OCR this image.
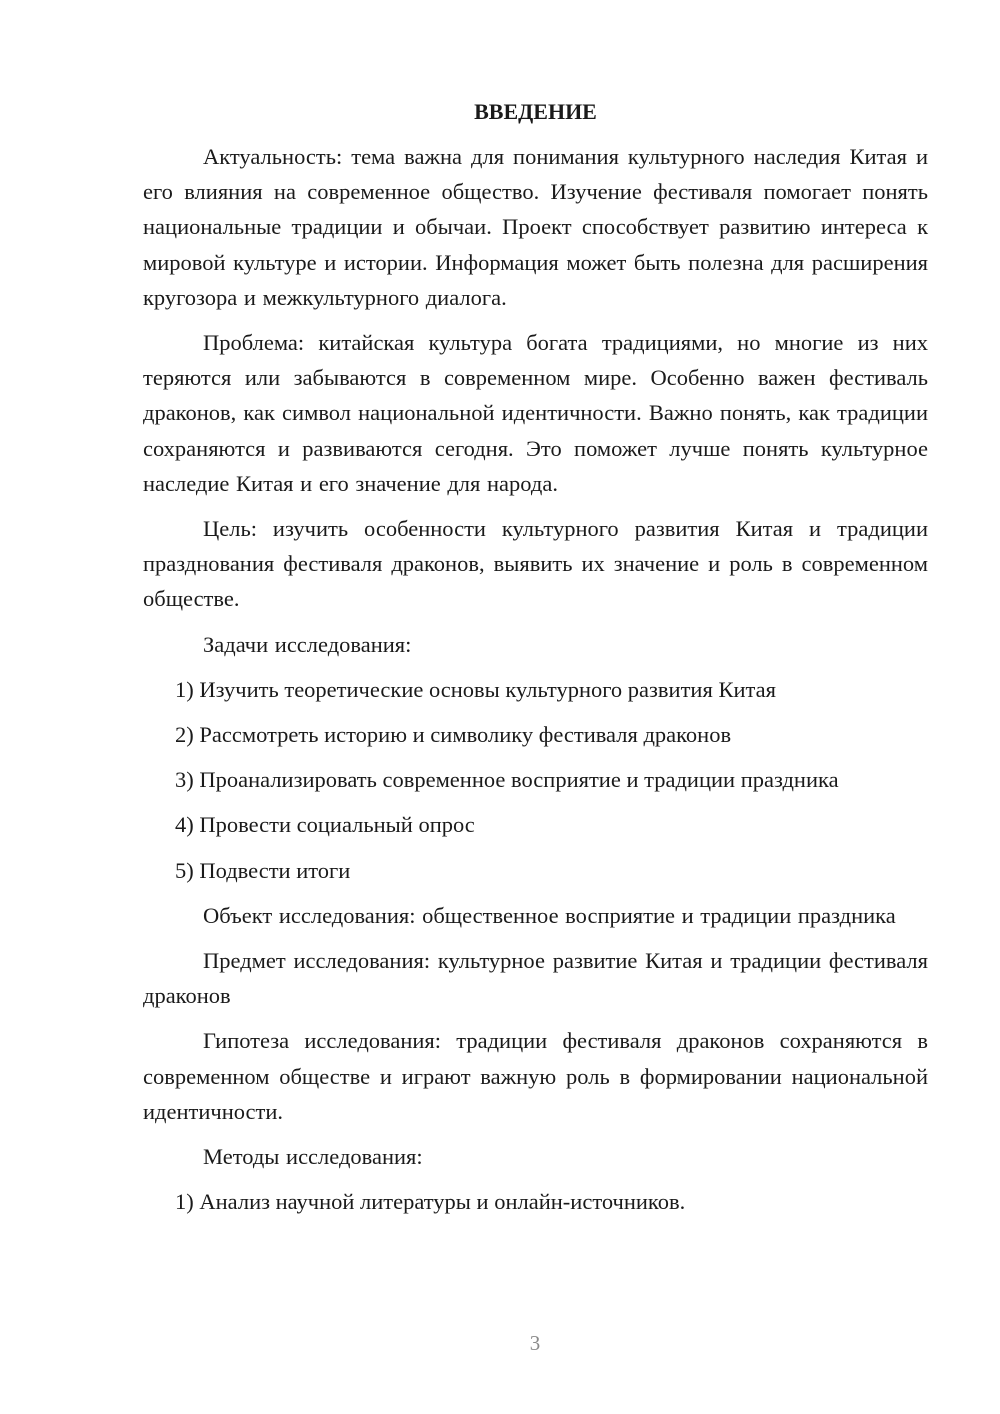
ВВЕДЕНИЕ

Актуальность: тема важна для понимания культурного наследия Китая и его влияния на современное общество. Изучение фестиваля помогает понять национальные традиции и обычаи. Проект способствует развитию интереса к мировой культуре и истории. Информация может быть полезна для расширения кругозора и межкультурного диалога.

Проблема: китайская культура богата традициями, но многие из них теряются или забываются в современном мире. Особенно важен фестиваль драконов, как символ национальной идентичности. Важно понять, как традиции сохраняются и развиваются сегодня. Это поможет лучше понять культурное наследие Китая и его значение для народа.

Цель: изучить особенности культурного развития Китая и традиции празднования фестиваля драконов, выявить их значение и роль в современном обществе.

Задачи исследования:

1) Изучить теоретические основы культурного развития Китая

2) Рассмотреть историю и символику фестиваля драконов

3) Проанализировать современное восприятие и традиции праздника

4) Провести социальный опрос

5) Подвести итоги

Объект исследования: общественное восприятие и традиции праздника

Предмет исследования: культурное развитие Китая и традиции фестиваля драконов

Гипотеза исследования: традиции фестиваля драконов сохраняются в современном обществе и играют важную роль в формировании национальной идентичности.

Методы исследования:

1) Анализ научной литературы и онлайн-источников.

3
